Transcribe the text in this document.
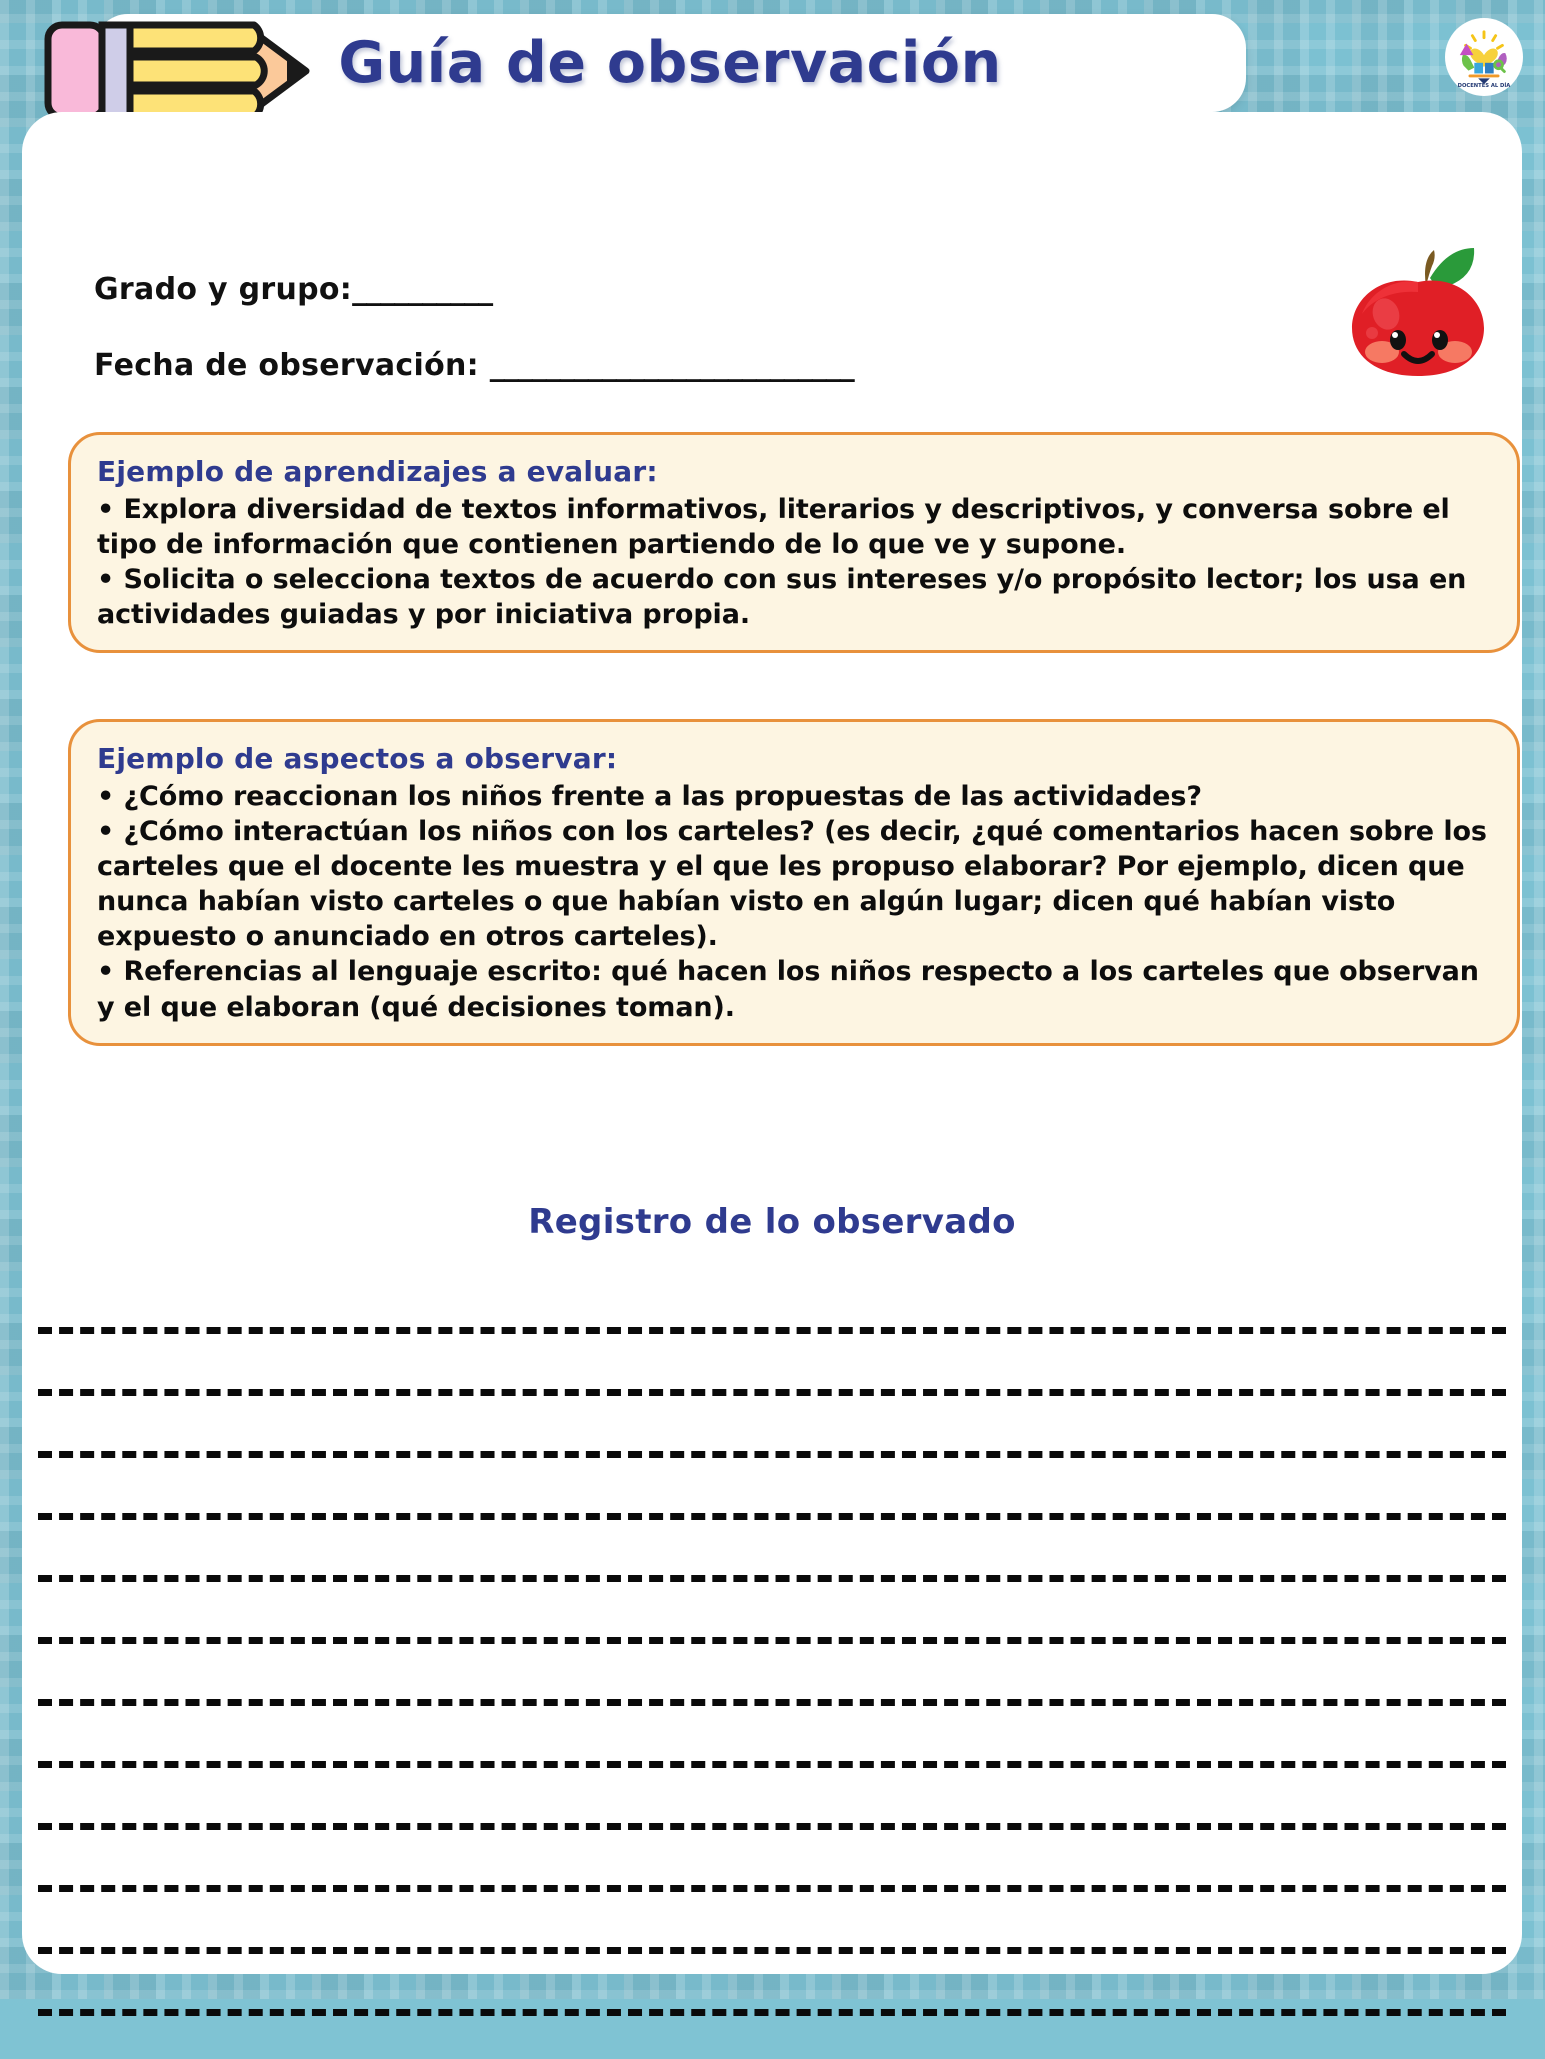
Guía de observación	DOCENTES AL DÍA
Grado y grupo:__________
Fecha de observación: __________________________

Ejemplo de aprendizajes a evaluar:

• Explora diversidad de textos informativos, literarios y descriptivos, y conversa sobre el tipo de información que contienen partiendo de lo que ve y supone.

• Solicita o selecciona textos de acuerdo con sus intereses y/o propósito lector; los usa en actividades guiadas y por iniciativa propia.

Ejemplo de aspectos a observar:

• ¿Cómo reaccionan los niños frente a las propuestas de las actividades?

• ¿Cómo interactúan los niños con los carteles? (es decir, ¿qué comentarios hacen sobre los carteles que el docente les muestra y el que les propuso elaborar? Por ejemplo, dicen que nunca habían visto carteles o que habían visto en algún lugar; dicen qué habían visto expuesto o anunciado en otros carteles).

• Referencias al lenguaje escrito: qué hacen los niños respecto a los carteles que observan y el que elaboran (qué decisiones toman).

Registro de lo observado
